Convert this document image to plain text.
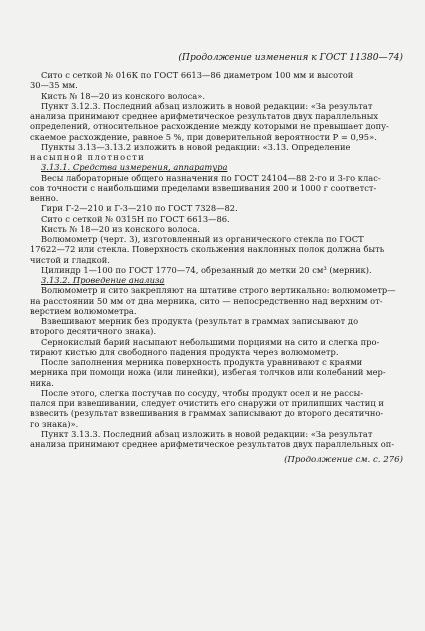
(Продолжение изменения к ГОСТ 11380—74)
Сито с сеткой № 016К по ГОСТ 6613—86 диаметром 100 мм и высотой
30—35 мм.
Кисть № 18—20 из конского волоса».
Пункт 3.12.3. Последний абзац изложить в новой редакции: «За результат
анализа принимают среднее арифметическое результатов двух параллельных
определений, относительное расхождение между которыми не превышает допу-
скаемое расхождение, равное 5 %, при доверительной вероятности P = 0,95».
Пункты 3.13—3.13.2 изложить в новой редакции: «3.13. Определение
насыпной плотности
3.13.1. Средства измерения, аппаратура
Весы лабораторные общего назначения по ГОСТ 24104—88 2-го и 3-го клас-
сов точности с наибольшими пределами взвешивания 200 и 1000 г соответст-
венно.
Гири Г-2—210 и Г-3—210 по ГОСТ 7328—82.
Сито с сеткой № 0315Н по ГОСТ 6613—86.
Кисть № 18—20 из конского волоса.
Волюмометр (черт. 3), изготовленный из органического стекла по ГОСТ
17622—72 или стекла. Поверхность скольжения наклонных полок должна быть
чистой и гладкой.
Цилиндр 1—100 по ГОСТ 1770—74, обрезанный до метки 20 см³ (мерник).
3.13.2. Проведение анализа
Волюмометр и сито закрепляют на штативе строго вертикально: волюмометр—
на расстоянии 50 мм от дна мерника, сито — непосредственно над верхним от-
верстием волюмометра.
Взвешивают мерник без продукта (результат в граммах записывают до
второго десятичного знака).
Сернокислый барий насыпают небольшими порциями на сито и слегка про-
тирают кистью для свободного падения продукта через волюмометр.
После заполнения мерника поверхность продукта уравнивают с краями
мерника при помощи ножа (или линейки), избегая толчков или колебаний мер-
ника.
После этого, слегка постучав по сосуду, чтобы продукт осел и не рассы-
пался при взвешивании, следует очистить его снаружи от прилипших частиц и
взвесить (результат взвешивания в граммах записывают до второго десятично-
го знака)».
Пункт 3.13.3. Последний абзац изложить в новой редакции: «За результат
анализа принимают среднее арифметическое результатов двух параллельных оп-
(Продолжение см. с. 276)
